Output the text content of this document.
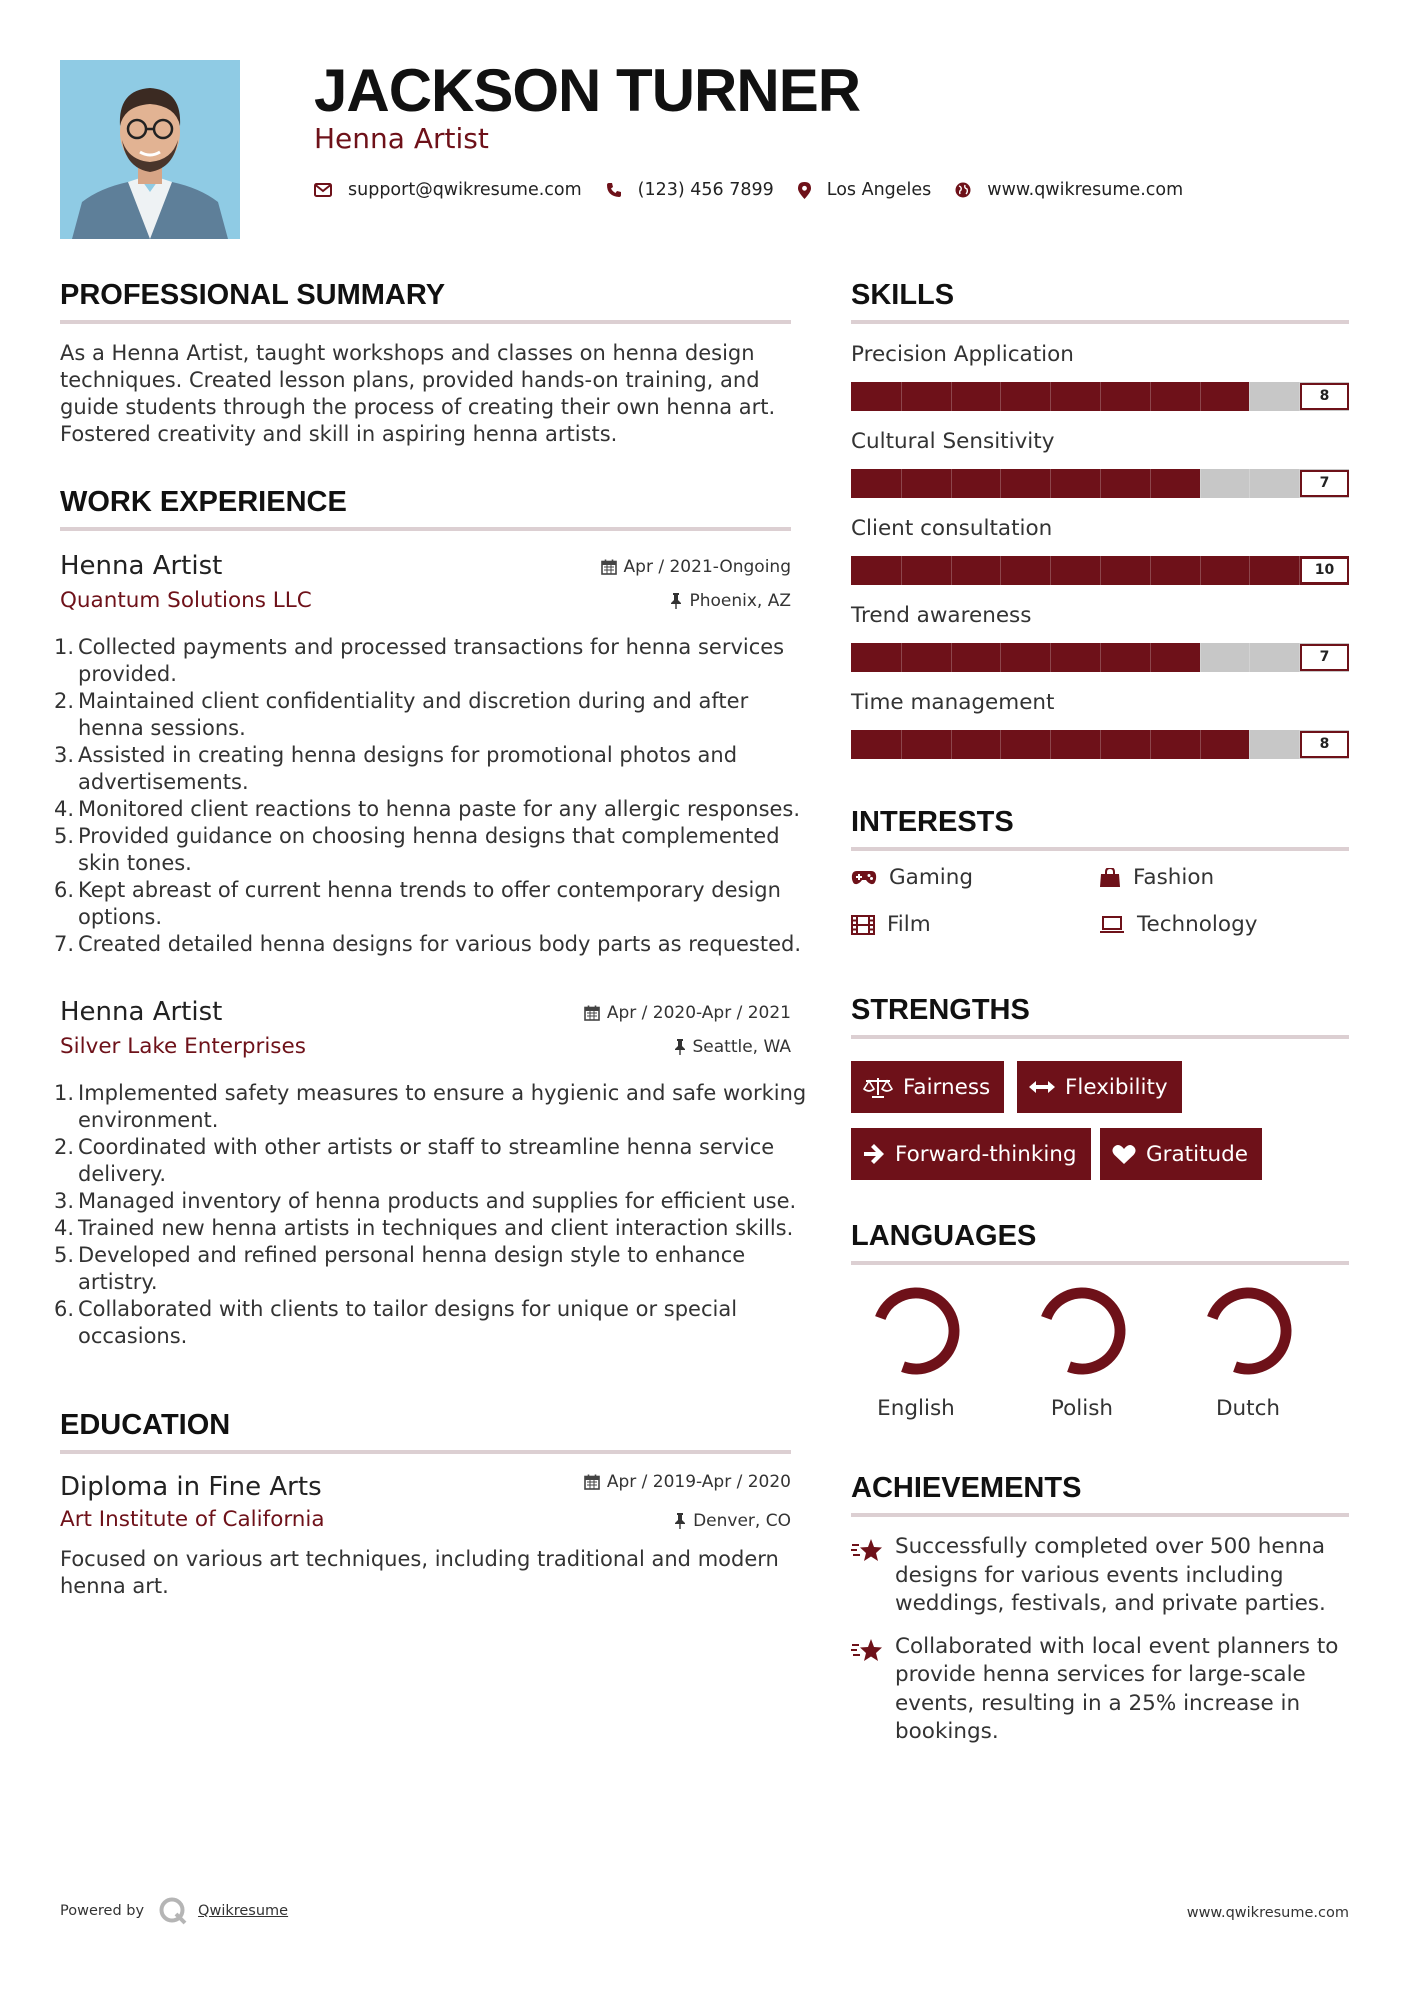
JACKSON TURNER
Henna Artist
support@qwikresume.com	(123) 456 7899	Los Angeles	www.qwikresume.com
PROFESSIONAL SUMMARY
As a Henna Artist, taught workshops and classes on henna design
techniques. Created lesson plans, provided hands-on training, and
guide students through the process of creating their own henna art.
Fostered creativity and skill in aspiring henna artists.
WORK EXPERIENCE
Henna Artist
Quantum Solutions LLC
Apr / 2021-Ongoing
Phoenix, AZ
1. Collected payments and processed transactions for henna services
provided.
2. Maintained client confidentiality and discretion during and after
henna sessions.
3. Assisted in creating henna designs for promotional photos and
advertisements.
4. Monitored client reactions to henna paste for any allergic responses.
5. Provided guidance on choosing henna designs that complemented
skin tones.
6. Kept abreast of current henna trends to offer contemporary design
options.
7. Created detailed henna designs for various body parts as requested.
Henna Artist
Silver Lake Enterprises
Apr / 2020-Apr / 2021
Seattle, WA
1. Implemented safety measures to ensure a hygienic and safe working
environment.
2. Coordinated with other artists or staff to streamline henna service
delivery.
3. Managed inventory of henna products and supplies for efficient use.
4. Trained new henna artists in techniques and client interaction skills.
5. Developed and refined personal henna design style to enhance
artistry.
6. Collaborated with clients to tailor designs for unique or special
occasions.
EDUCATION
Diploma in Fine Arts
Art Institute of California
Apr / 2019-Apr / 2020
Denver, CO
Focused on various art techniques, including traditional and modern
henna art.
SKILLS
Precision Application
8
Cultural Sensitivity
7
Client consultation
10
Trend awareness
7
Time management
8
INTERESTS
Gaming	Fashion
Film	Technology
STRENGTHS
Fairness	Flexibility
Forward-thinking	Gratitude
LANGUAGES
English	Polish	Dutch
ACHIEVEMENTS
Successfully completed over 500 henna
designs for various events including
weddings, festivals, and private parties.
Collaborated with local event planners to
provide henna services for large-scale
events, resulting in a 25% increase in
bookings.
Powered by	Qwikresume	www.qwikresume.com
